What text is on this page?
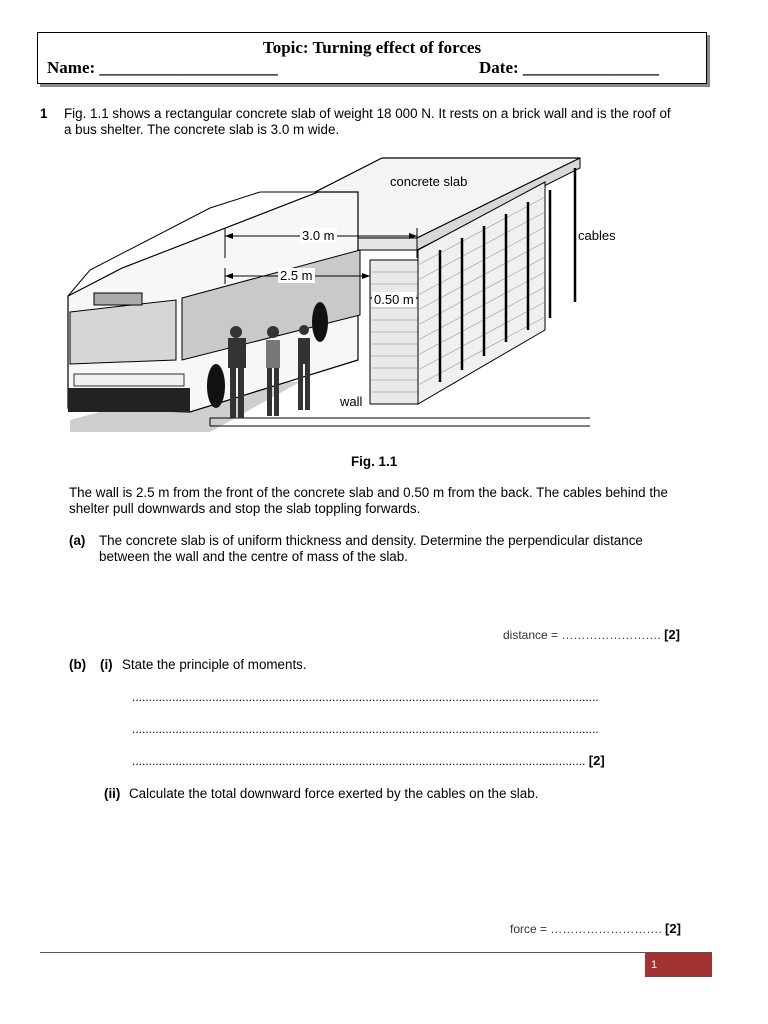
Topic: Turning effect of forces
Name: _____________________	Date: ________________
1 Fig. 1.1 shows a rectangular concrete slab of weight 18 000 N. It rests on a brick wall and is the roof of
a bus shelter. The concrete slab is 3.0 m wide.
concrete slab
3.0 m
2.5 m
0.50 m
cables
wall
Fig. 1.1
The wall is 2.5 m from the front of the concrete slab and 0.50 m from the back. The cables behind the
shelter pull downwards and stop the slab toppling forwards.
(a) The concrete slab is of uniform thickness and density. Determine the perpendicular distance
between the wall and the centre of mass of the slab.
distance = ……………………. [2]
(b) (i) State the principle of moments.
............................................................................................................................................
............................................................................................................................................
........................................................................................................................................ [2]
(ii) Calculate the total downward force exerted by the cables on the slab.
force = ………………………. [2]
1
